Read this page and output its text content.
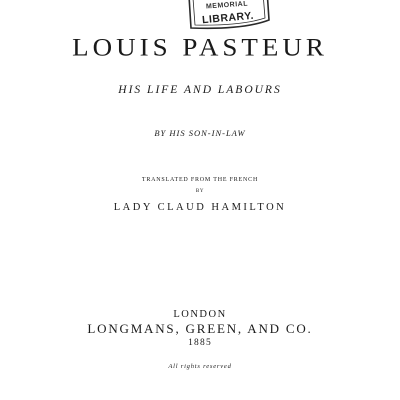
MEMORIAL
LIBRARY.
LOUIS PASTEUR
HIS LIFE AND LABOURS
BY HIS SON-IN-LAW
TRANSLATED FROM THE FRENCH
BY
LADY CLAUD HAMILTON
LONDON
LONGMANS, GREEN, AND CO.
1885
All rights reserved
